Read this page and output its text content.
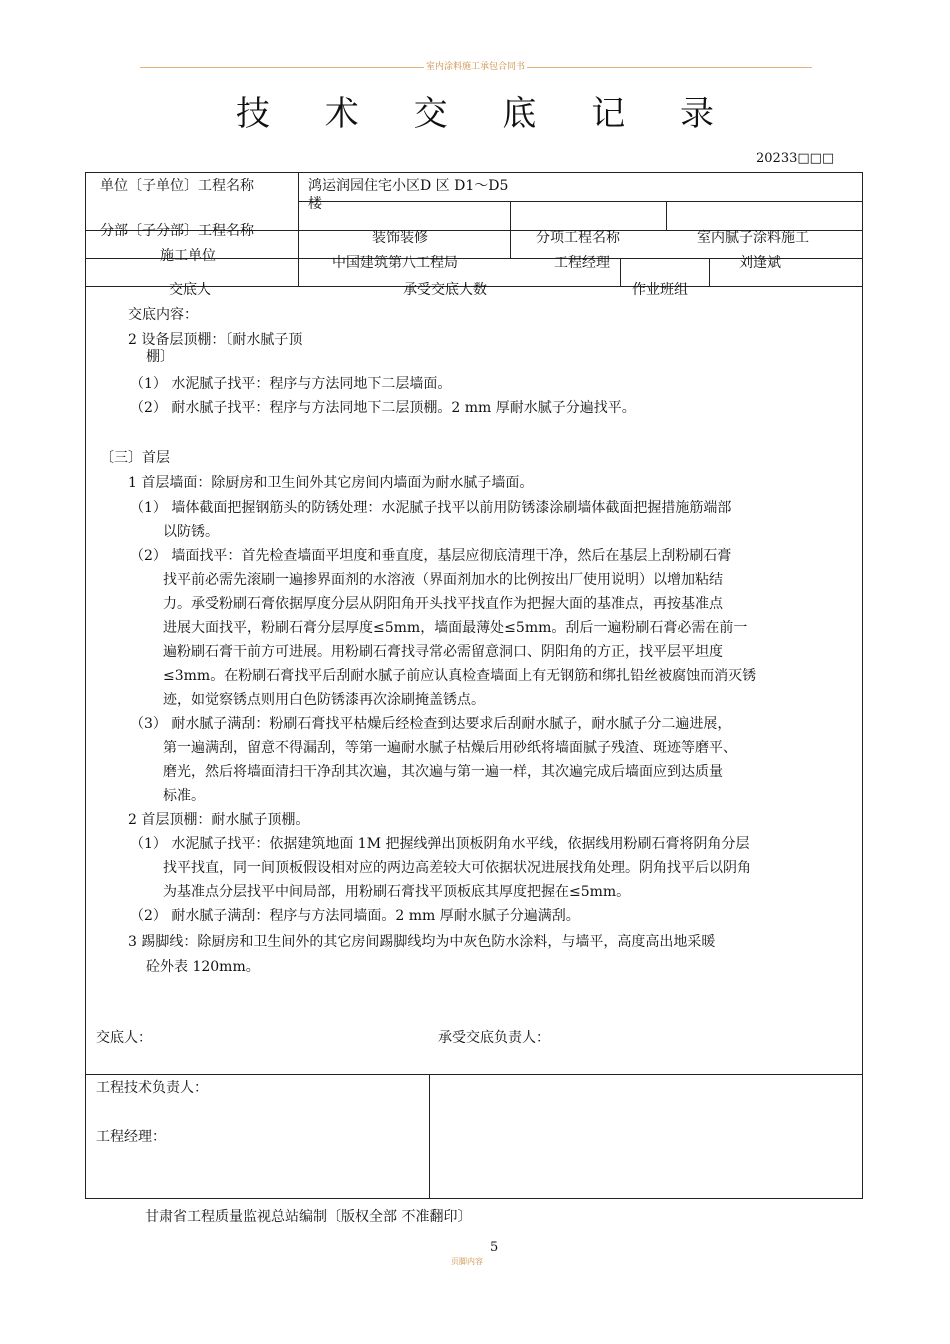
室内涂料施工承包合同书
技 术 交 底 记 录
20233□□□
单位〔子单位〕工程名称	鸿运润园住宅小区D 区 D1～D5
楼
分部〔子分部〕工程名称	装饰装修	分项工程名称	室内腻子涂料施工
施工单位	中国建筑第八工程局	工程经理	刘逢斌
交底人	承受交底人数	作业班组
交底内容：
2 设备层顶棚：〔耐水腻子顶
棚〕
（1） 水泥腻子找平：程序与方法同地下二层墙面。
（2） 耐水腻子找平：程序与方法同地下二层顶棚。2 mm 厚耐水腻子分遍找平。
〔三〕首层
1 首层墙面：除厨房和卫生间外其它房间内墙面为耐水腻子墙面。
（1） 墙体截面把握钢筋头的防锈处理：水泥腻子找平以前用防锈漆涂刷墙体截面把握措施筋端部
以防锈。
（2） 墙面找平：首先检查墙面平坦度和垂直度，基层应彻底清理干净，然后在基层上刮粉刷石膏
找平前必需先滚刷一遍掺界面剂的水溶液（界面剂加水的比例按出厂使用说明）以增加粘结
力。承受粉刷石膏依据厚度分层从阴阳角开头找平找直作为把握大面的基准点，再按基准点
进展大面找平，粉刷石膏分层厚度≤5mm，墙面最薄处≤5mm。刮后一遍粉刷石膏必需在前一
遍粉刷石膏干前方可进展。用粉刷石膏找寻常必需留意洞口、阴阳角的方正，找平层平坦度
≤3mm。在粉刷石膏找平后刮耐水腻子前应认真检查墙面上有无钢筋和绑扎铅丝被腐蚀而消灭锈
迹，如觉察锈点则用白色防锈漆再次涂刷掩盖锈点。
（3） 耐水腻子满刮：粉刷石膏找平枯燥后经检查到达要求后刮耐水腻子，耐水腻子分二遍进展，
第一遍满刮，留意不得漏刮，等第一遍耐水腻子枯燥后用砂纸将墙面腻子残渣、斑迹等磨平、
磨光，然后将墙面清扫干净刮其次遍，其次遍与第一遍一样，其次遍完成后墙面应到达质量
标准。
2 首层顶棚：耐水腻子顶棚。
（1） 水泥腻子找平：依据建筑地面 1M 把握线弹出顶板阴角水平线，依据线用粉刷石膏将阴角分层
找平找直，同一间顶板假设相对应的两边高差较大可依据状况进展找角处理。阴角找平后以阴角
为基准点分层找平中间局部，用粉刷石膏找平顶板底其厚度把握在≤5mm。
（2） 耐水腻子满刮：程序与方法同墙面。2 mm 厚耐水腻子分遍满刮。
3 踢脚线：除厨房和卫生间外的其它房间踢脚线均为中灰色防水涂料，与墙平，高度高出地采暖
砼外表 120mm。
交底人：	承受交底负责人：
工程技术负责人：
工程经理：
甘肃省工程质量监视总站编制〔版权全部 不准翻印〕
5
页脚内容
